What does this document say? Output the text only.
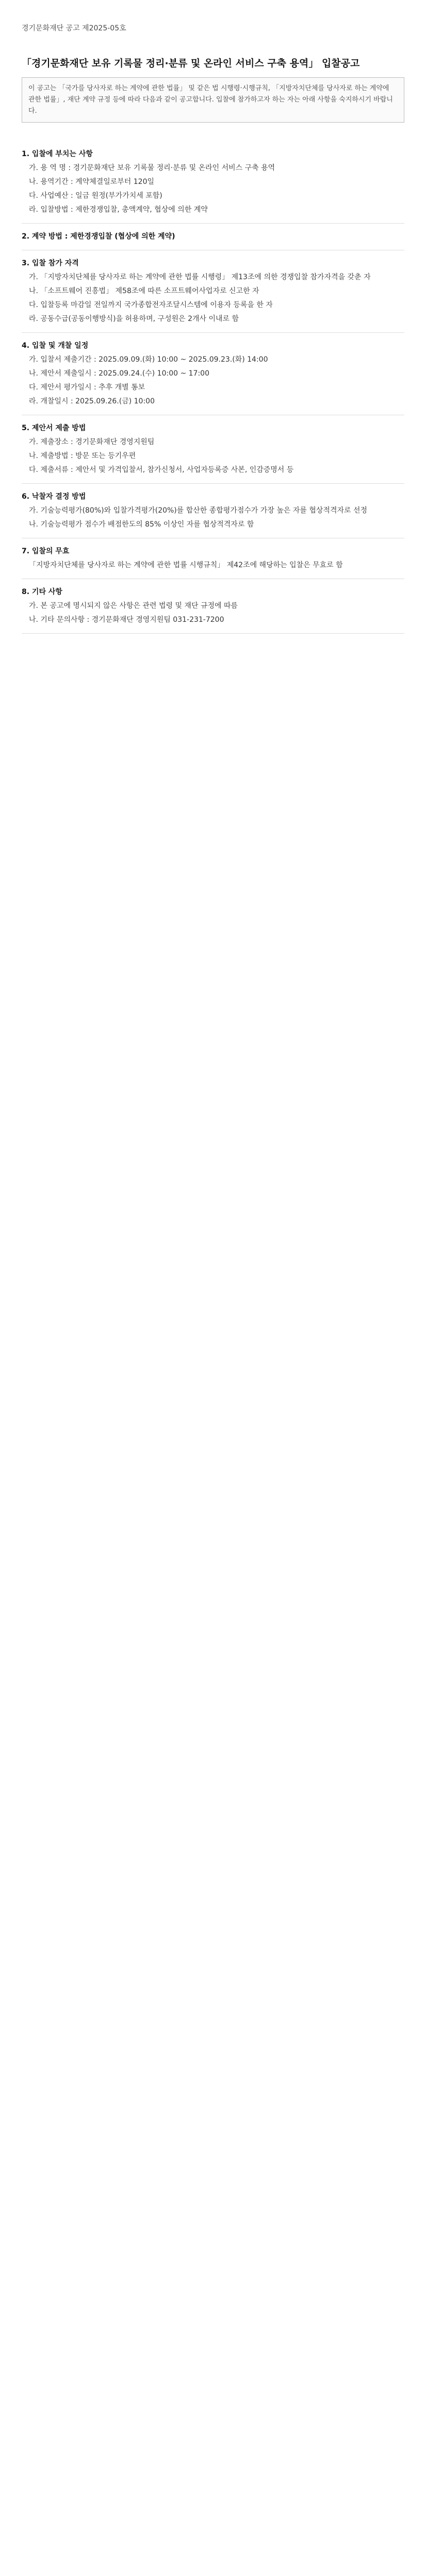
경기문화재단 공고 제2025-05호
「경기문화재단 보유 기록물 정리·분류 및 온라인 서비스 구축 용역」 입찰공고
이 공고는 「국가를 당사자로 하는 계약에 관한 법률」 및 같은 법 시행령·시행규칙, 「지방자치단체를 당사자로 하는 계약에 관한 법률」, 재단 계약 규정 등에 따라 다음과 같이 공고합니다. 입찰에 참가하고자 하는 자는 아래 사항을 숙지하시기 바랍니다.
1. 입찰에 부치는 사항
가. 용 역 명 : 경기문화재단 보유 기록물 정리·분류 및 온라인 서비스 구축 용역
나. 용역기간 : 계약체결일로부터 120일
다. 사업예산 : 일금 원정(부가가치세 포함)
라. 입찰방법 : 제한경쟁입찰, 총액계약, 협상에 의한 계약
2. 계약 방법 : 제한경쟁입찰 (협상에 의한 계약)
3. 입찰 참가 자격
가. 「지방자치단체를 당사자로 하는 계약에 관한 법률 시행령」 제13조에 의한 경쟁입찰 참가자격을 갖춘 자
나. 「소프트웨어 진흥법」 제58조에 따른 소프트웨어사업자로 신고한 자
다. 입찰등록 마감일 전일까지 국가종합전자조달시스템에 이용자 등록을 한 자
라. 공동수급(공동이행방식)을 허용하며, 구성원은 2개사 이내로 함
4. 입찰 및 개찰 일정
가. 입찰서 제출기간 : 2025.09.09.(화) 10:00 ~ 2025.09.23.(화) 14:00
나. 제안서 제출일시 : 2025.09.24.(수) 10:00 ~ 17:00
다. 제안서 평가일시 : 추후 개별 통보
라. 개찰일시 : 2025.09.26.(금) 10:00
5. 제안서 제출 방법
가. 제출장소 : 경기문화재단 경영지원팀
나. 제출방법 : 방문 또는 등기우편
다. 제출서류 : 제안서 및 가격입찰서, 참가신청서, 사업자등록증 사본, 인감증명서 등
6. 낙찰자 결정 방법
가. 기술능력평가(80%)와 입찰가격평가(20%)를 합산한 종합평가점수가 가장 높은 자를 협상적격자로 선정
나. 기술능력평가 점수가 배점한도의 85% 이상인 자를 협상적격자로 함
7. 입찰의 무효
「지방자치단체를 당사자로 하는 계약에 관한 법률 시행규칙」 제42조에 해당하는 입찰은 무효로 함
8. 기타 사항
가. 본 공고에 명시되지 않은 사항은 관련 법령 및 재단 규정에 따름
나. 기타 문의사항 : 경기문화재단 경영지원팀 031-231-7200
